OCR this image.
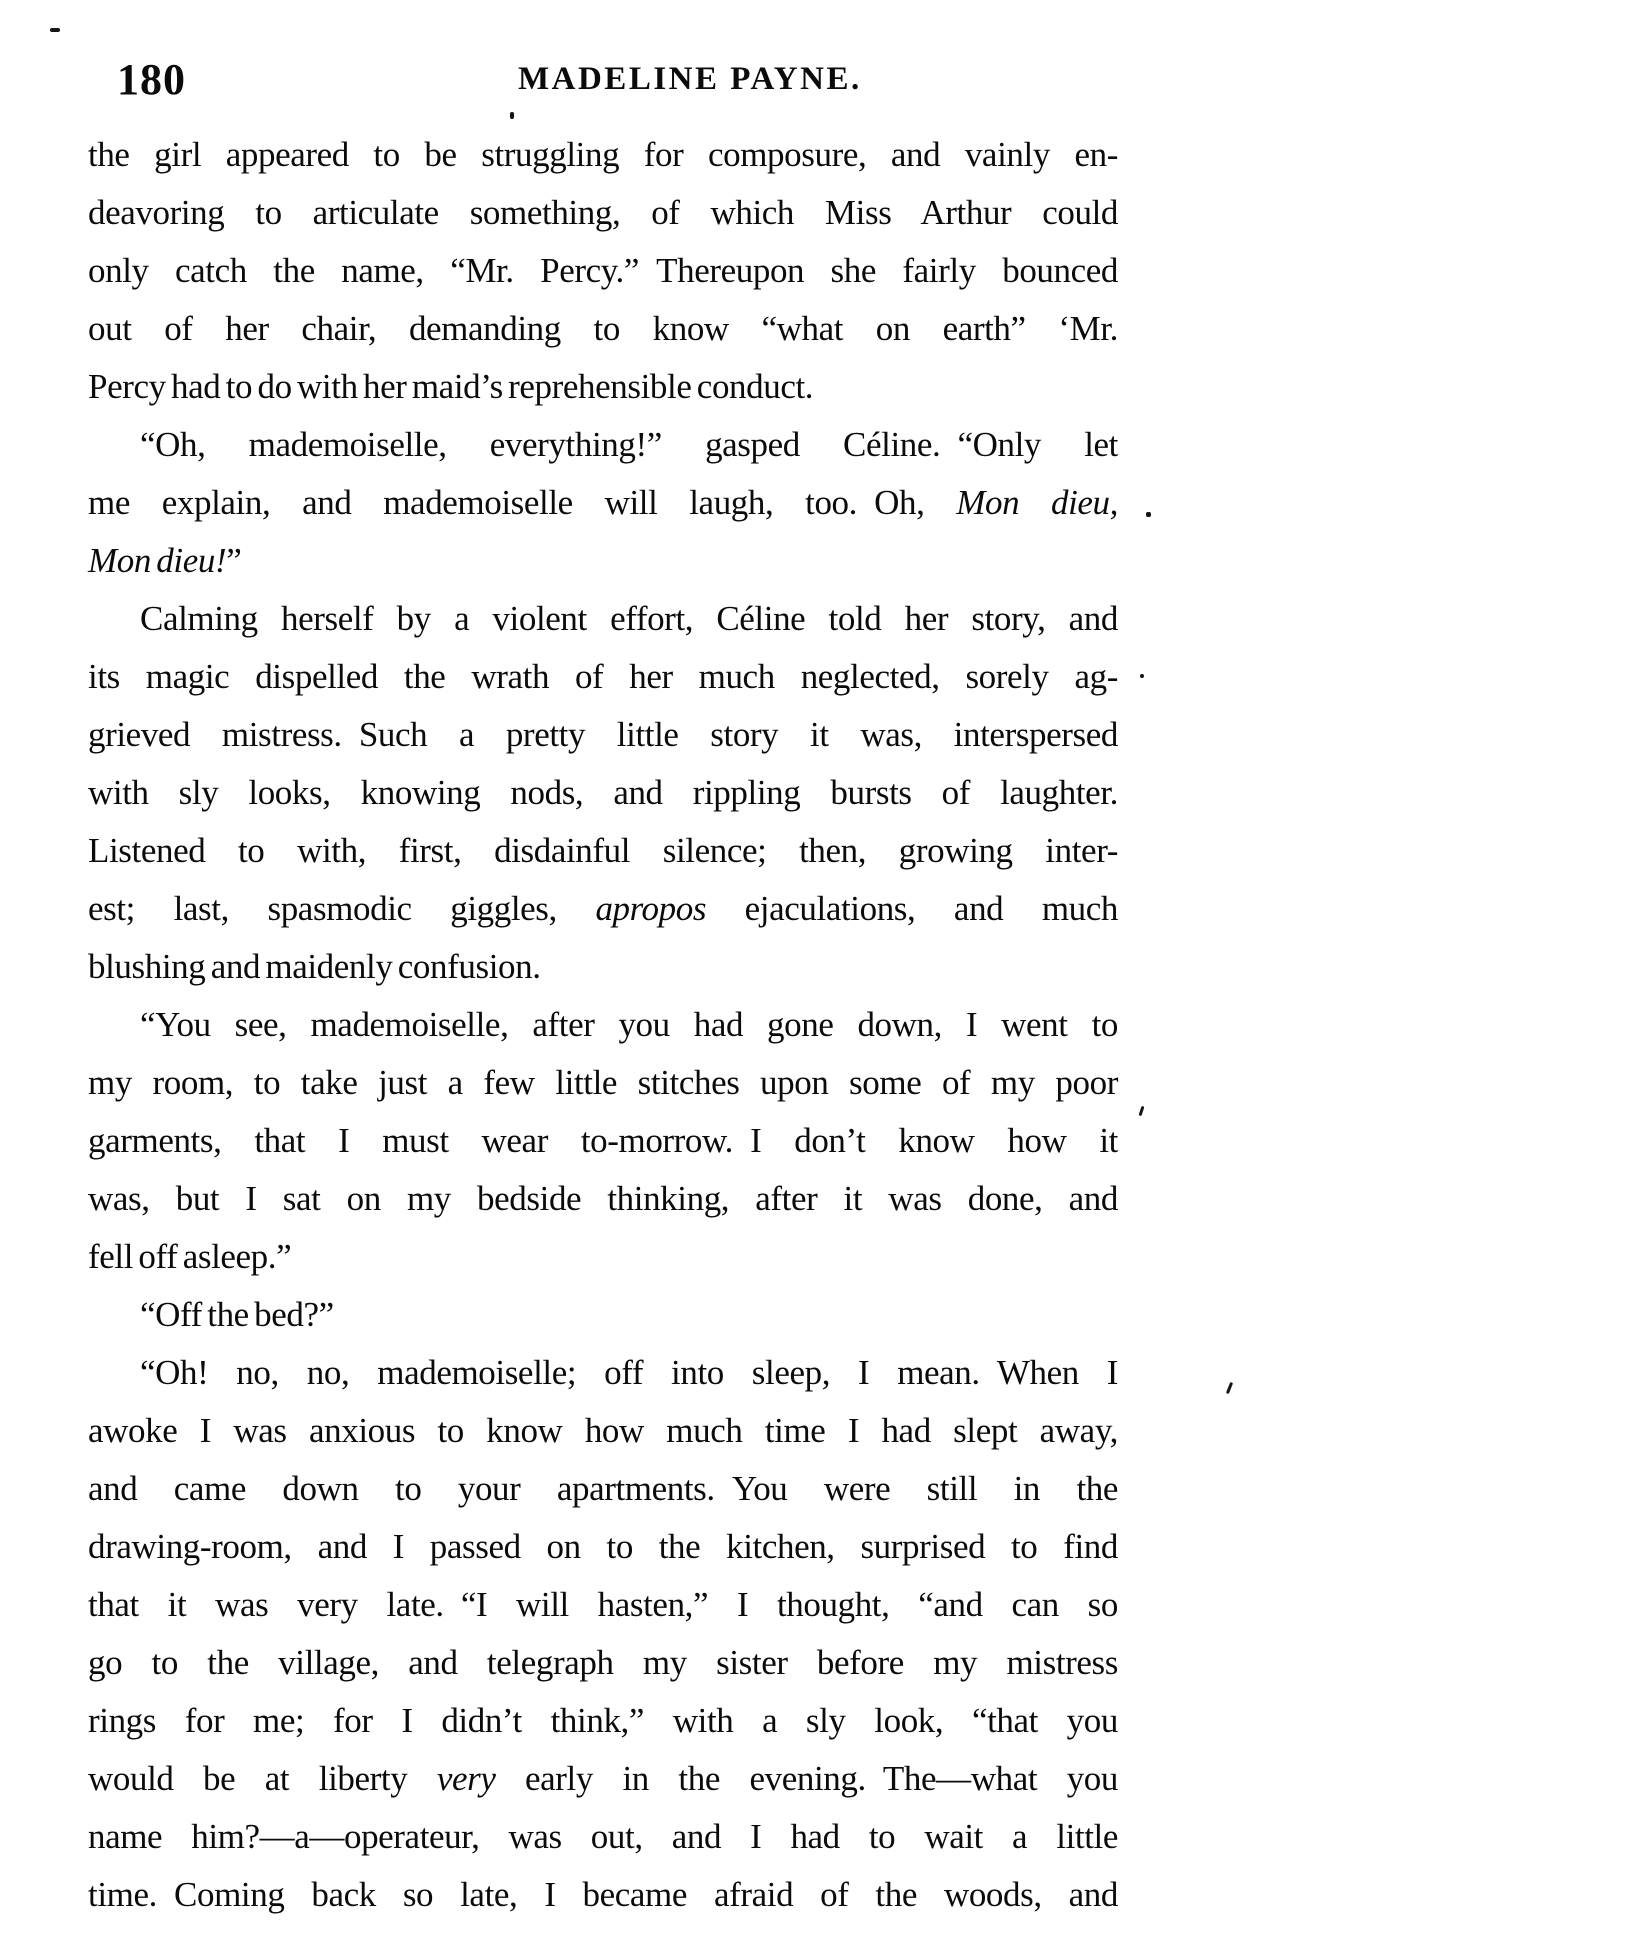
180	MADELINE PAYNE.
the girl appeared to be struggling for composure, and vainly en-
deavoring to articulate something, of which Miss Arthur could
only catch the name, “Mr. Percy.” Thereupon she fairly bounced
out of her chair, demanding to know “what on earth” ‘Mr.
Percy had to do with her maid’s reprehensible conduct.
“Oh, mademoiselle, everything!” gasped Céline. “Only let
me explain, and mademoiselle will laugh, too. Oh, Mon dieu,
Mon dieu!”
Calming herself by a violent effort, Céline told her story, and
its magic dispelled the wrath of her much neglected, sorely ag-
grieved mistress. Such a pretty little story it was, interspersed
with sly looks, knowing nods, and rippling bursts of laughter.
Listened to with, first, disdainful silence; then, growing inter-
est; last, spasmodic giggles, apropos ejaculations, and much
blushing and maidenly confusion.
“You see, mademoiselle, after you had gone down, I went to
my room, to take just a few little stitches upon some of my poor
garments, that I must wear to-morrow. I don’t know how it
was, but I sat on my bedside thinking, after it was done, and
fell off asleep.”
“Off the bed?”
“Oh! no, no, mademoiselle; off into sleep, I mean. When I
awoke I was anxious to know how much time I had slept away,
and came down to your apartments. You were still in the
drawing-room, and I passed on to the kitchen, surprised to find
that it was very late. “I will hasten,” I thought, “and can so
go to the village, and telegraph my sister before my mistress
rings for me; for I didn’t think,” with a sly look, “that you
would be at liberty very early in the evening. The—what you
name him?—a—operateur, was out, and I had to wait a little
time. Coming back so late, I became afraid of the woods, and
